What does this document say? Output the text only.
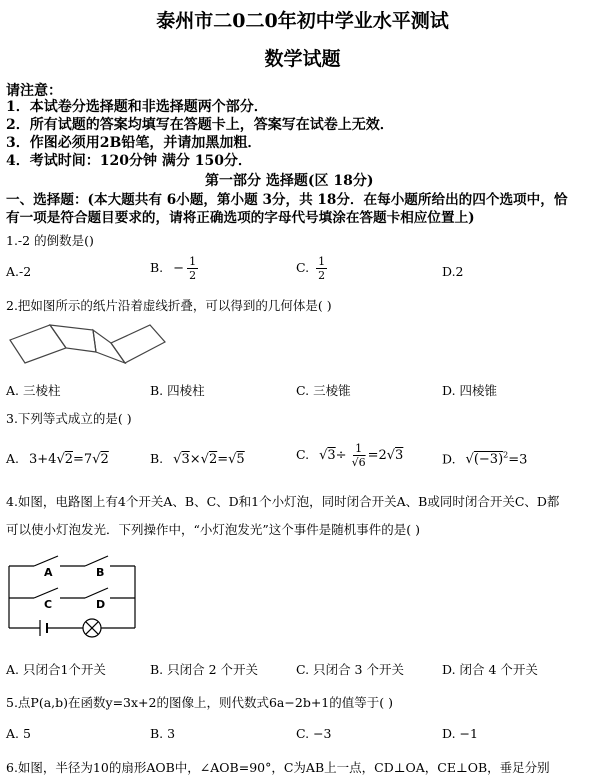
泰州市二0二0年初中学业水平测试
数学试题
请注意：
1．本试卷分选择题和非选择题两个部分．
2．所有试题的答案均填写在答题卡上，答案写在试卷上无效．
3．作图必须用2B铅笔，并请加黑加粗．
4．考试时间：120分钟 满分 150分．
第一部分 选择题(区 18分)
一、选择题：(本大题共有 6小题，第小题 3分，共 18分．在每小题所给出的四个选项中，恰
有一项是符合题目要求的，请将正确选项的字母代号填涂在答题卡相应位置上)
1.-2 的倒数是()
A.-2	B. − $\frac{1}{2}$	C. $\frac{1}{2}$	D.2
2.把如图所示的纸片沿着虚线折叠，可以得到的几何体是( )
A. 三棱柱	B. 四棱柱	C. 三棱锥	D. 四棱锥
3.下列等式成立的是( )
A. 3+4√2=7√2	B. √3×√2=√5	C. $√3\div \frac{1}{√6} =2√3$	D. $√(-3)^2=3$
4.如图，电路图上有4个开关A、B、C、D和1个小灯泡，同时闭合开关A、B或同时闭合开关C、D都
可以使小灯泡发光．下列操作中，“小灯泡发光”这个事件是随机事件的是( )
A	B
C	D
A. 只闭合1个开关	B. 只闭合 2 个开关	C. 只闭合 3 个开关	D. 闭合 4 个开关
5.点P(a,b)在函数y=3x+2的图像上，则代数式6a−2b+1的值等于( )
A. 5	B. 3	C. −3	D. −1
6.如图，半径为10的扇形AOB中，∠AOB=90°，C为AB上一点，CD⊥OA，CE⊥OB，垂足分别
